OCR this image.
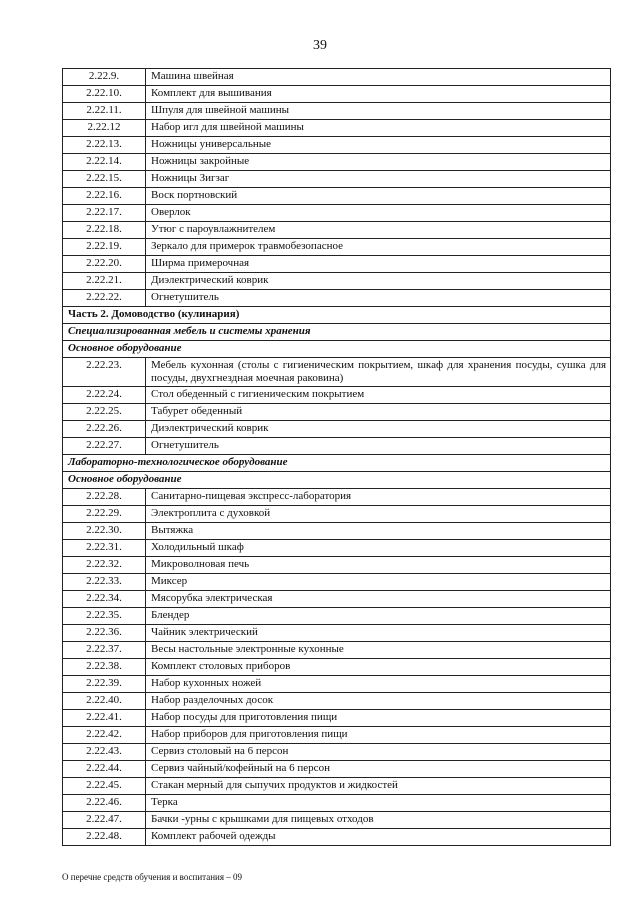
39
2.22.9.	Машина швейная
2.22.10.	Комплект для вышивания
2.22.11.	Шпуля для швейной машины
2.22.12	Набор игл для швейной машины
2.22.13.	Ножницы универсальные
2.22.14.	Ножницы закройные
2.22.15.	Ножницы Зигзаг
2.22.16.	Воск портновский
2.22.17.	Оверлок
2.22.18.	Утюг с пароувлажнителем
2.22.19.	Зеркало для примерок травмобезопасное
2.22.20.	Ширма примерочная
2.22.21.	Диэлектрический коврик
2.22.22.	Огнетушитель
Часть 2. Домоводство (кулинария)	
Специализированная мебель и системы хранения	
Основное оборудование	
2.22.23.	Мебель кухонная (столы с гигиеническим покрытием, шкаф для хранения посуды, сушка для посуды, двухгнездная моечная раковина)
2.22.24.	Стол обеденный с гигиеническим покрытием
2.22.25.	Табурет обеденный
2.22.26.	Диэлектрический коврик
2.22.27.	Огнетушитель
Лабораторно-технологическое оборудование	
Основное оборудование	
2.22.28.	Санитарно-пищевая экспресс-лаборатория
2.22.29.	Электроплита с духовкой
2.22.30.	Вытяжка
2.22.31.	Холодильный шкаф
2.22.32.	Микроволновая печь
2.22.33.	Миксер
2.22.34.	Мясорубка электрическая
2.22.35.	Блендер
2.22.36.	Чайник электрический
2.22.37.	Весы настольные электронные кухонные
2.22.38.	Комплект столовых приборов
2.22.39.	Набор кухонных ножей
2.22.40.	Набор разделочных досок
2.22.41.	Набор посуды для приготовления пищи
2.22.42.	Набор приборов для приготовления пищи
2.22.43.	Сервиз столовый на 6 персон
2.22.44.	Сервиз чайный/кофейный на 6 персон
2.22.45.	Стакан мерный для сыпучих продуктов и жидкостей
2.22.46.	Терка
2.22.47.	Бачки -урны с крышками для пищевых отходов
2.22.48.	Комплект рабочей одежды
О перечне средств обучения и воспитания – 09
